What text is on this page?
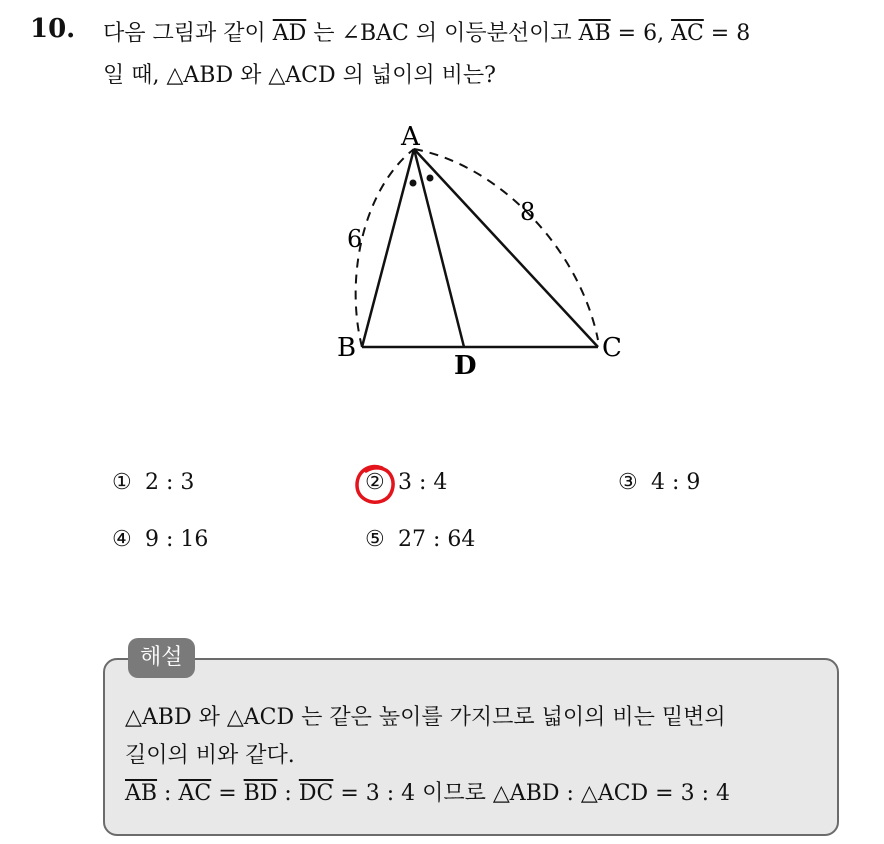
10. 다음 그림과 같이 $\overline{AD}$ 는 ∠BAC 의 이등분선이고 $\overline{AB} = 6$, $\overline{AC} = 8$
일 때, △ABD 와 △ACD 의 넓이의 비는?
A
B	C
D
6
8
① 2 : 3	② 3 : 4	③ 4 : 9
④ 9 : 16	⑤ 27 : 64
해설
△ABD 와 △ACD 는 같은 높이를 가지므로 넓이의 비는 밑변의
길이의 비와 같다.
$\overline{AB}$ : $\overline{AC} = \overline{BD}$ : $\overline{DC} = 3$ : 4 이므로 △ABD : △ACD = 3 : 4
